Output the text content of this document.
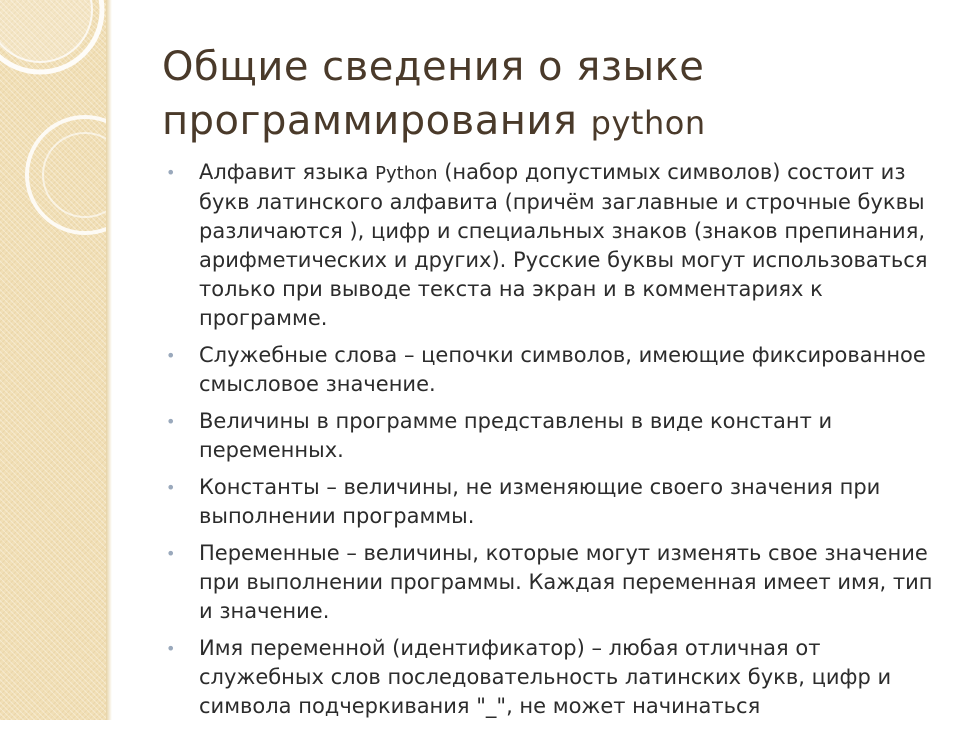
Общие сведения о языке
программирования python
• Алфавит языка Python (набор допустимых символов) состоит из букв латинского алфавита (причём заглавные и строчные буквы различаются ), цифр и специальных знаков (знаков препинания, арифметических и других). Русские буквы могут использоваться только при выводе текста на экран и в комментариях к программе.
• Служебные слова – цепочки символов, имеющие фиксированное смысловое значение.
• Величины в программе представлены в виде констант и переменных.
• Константы – величины, не изменяющие своего значения при выполнении программы.
• Переменные – величины, которые могут изменять свое значение при выполнении программы. Каждая переменная имеет имя, тип и значение.
• Имя переменной (идентификатор) – любая отличная от служебных слов последовательность латинских букв, цифр и символа подчеркивания "_", не может начинаться
